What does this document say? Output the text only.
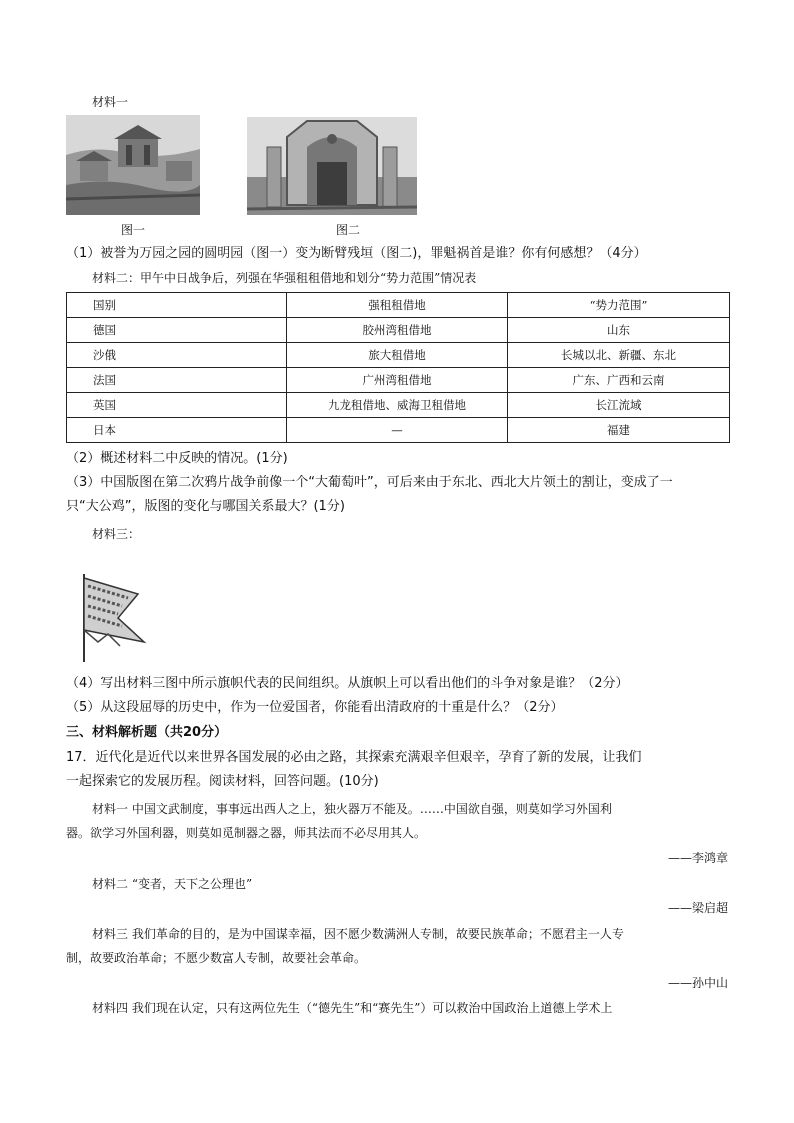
材料一
图一	图二
（1）被誉为万园之园的圆明园（图一）变为断臂残垣（图二)，罪魁祸首是谁？你有何感想？（4分）
材料二：甲午中日战争后，列强在华强租租借地和划分“势力范围”情况表
国别	强租租借地	“势力范围”
德国	胶州湾租借地	山东
沙俄	旅大租借地	长城以北、新疆、东北
法国	广州湾租借地	广东、广西和云南
英国	九龙租借地、威海卫租借地	长江流域
日本	—	福建
（2）概述材料二中反映的情况。(1分)
（3）中国版图在第二次鸦片战争前像一个“大葡萄叶”，可后来由于东北、西北大片领土的割让，变成了一
只“大公鸡”，版图的变化与哪国关系最大？(1分)
材料三：
（4）写出材料三图中所示旗帜代表的民间组织。从旗帜上可以看出他们的斗争对象是谁？（2分）
（5）从这段屈辱的历史中，作为一位爱国者，你能看出清政府的十重是什么？（2分）
三、材料解析题（共20分）
17．近代化是近代以来世界各国发展的必由之路，其探索充满艰辛但艰辛，孕育了新的发展，让我们
一起探索它的发展历程。阅读材料，回答问题。(10分)
材料一 中国文武制度，事事远出西人之上，独火器万不能及。……中国欲自强，则莫如学习外国利
器。欲学习外国利器，则莫如觅制器之器，师其法而不必尽用其人。
——李鸿章
材料二 “变者，天下之公理也”
——梁启超
材料三 我们革命的目的，是为中国谋幸福，因不愿少数满洲人专制，故要民族革命；不愿君主一人专
制，故要政治革命；不愿少数富人专制，故要社会革命。
——孙中山
材料四 我们现在认定，只有这两位先生（“德先生”和“赛先生”）可以救治中国政治上道德上学术上
